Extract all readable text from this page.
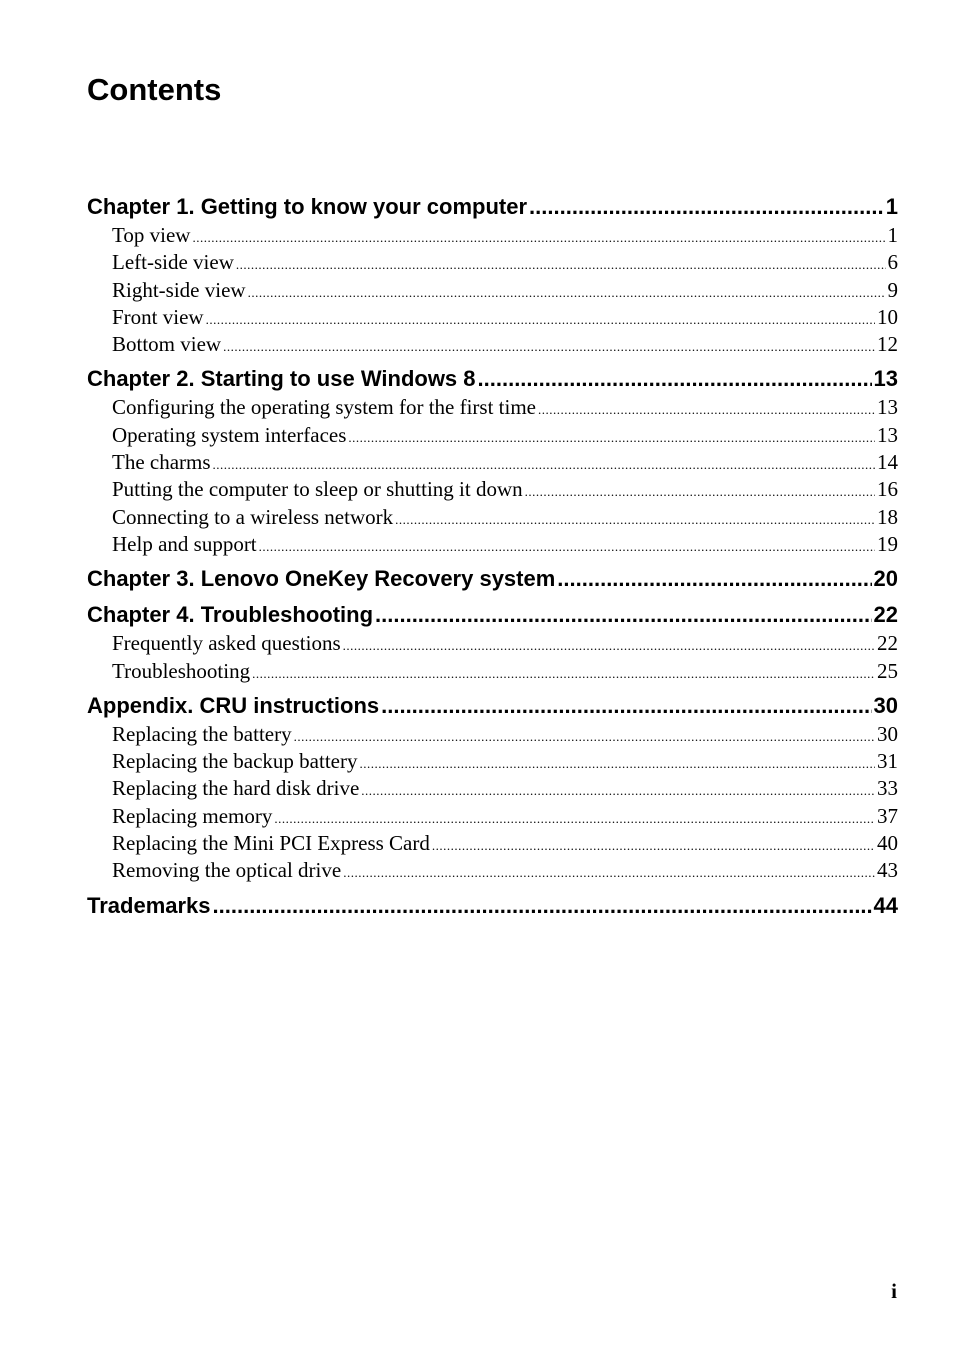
Contents
Chapter 1. Getting to know your computer .....	1
Top view .....	1
Left-side view .....	6
Right-side view .....	9
Front view .....	10
Bottom view .....	12
Chapter 2. Starting to use Windows 8 .....	13
Configuring the operating system for the first time .....	13
Operating system interfaces .....	13
The charms .....	14
Putting the computer to sleep or shutting it down .....	16
Connecting to a wireless network .....	18
Help and support .....	19
Chapter 3. Lenovo OneKey Recovery system .....	20
Chapter 4. Troubleshooting .....	22
Frequently asked questions .....	22
Troubleshooting .....	25
Appendix. CRU instructions .....	30
Replacing the battery .....	30
Replacing the backup battery .....	31
Replacing the hard disk drive .....	33
Replacing memory .....	37
Replacing the Mini PCI Express Card .....	40
Removing the optical drive .....	43
Trademarks .....	44
i
